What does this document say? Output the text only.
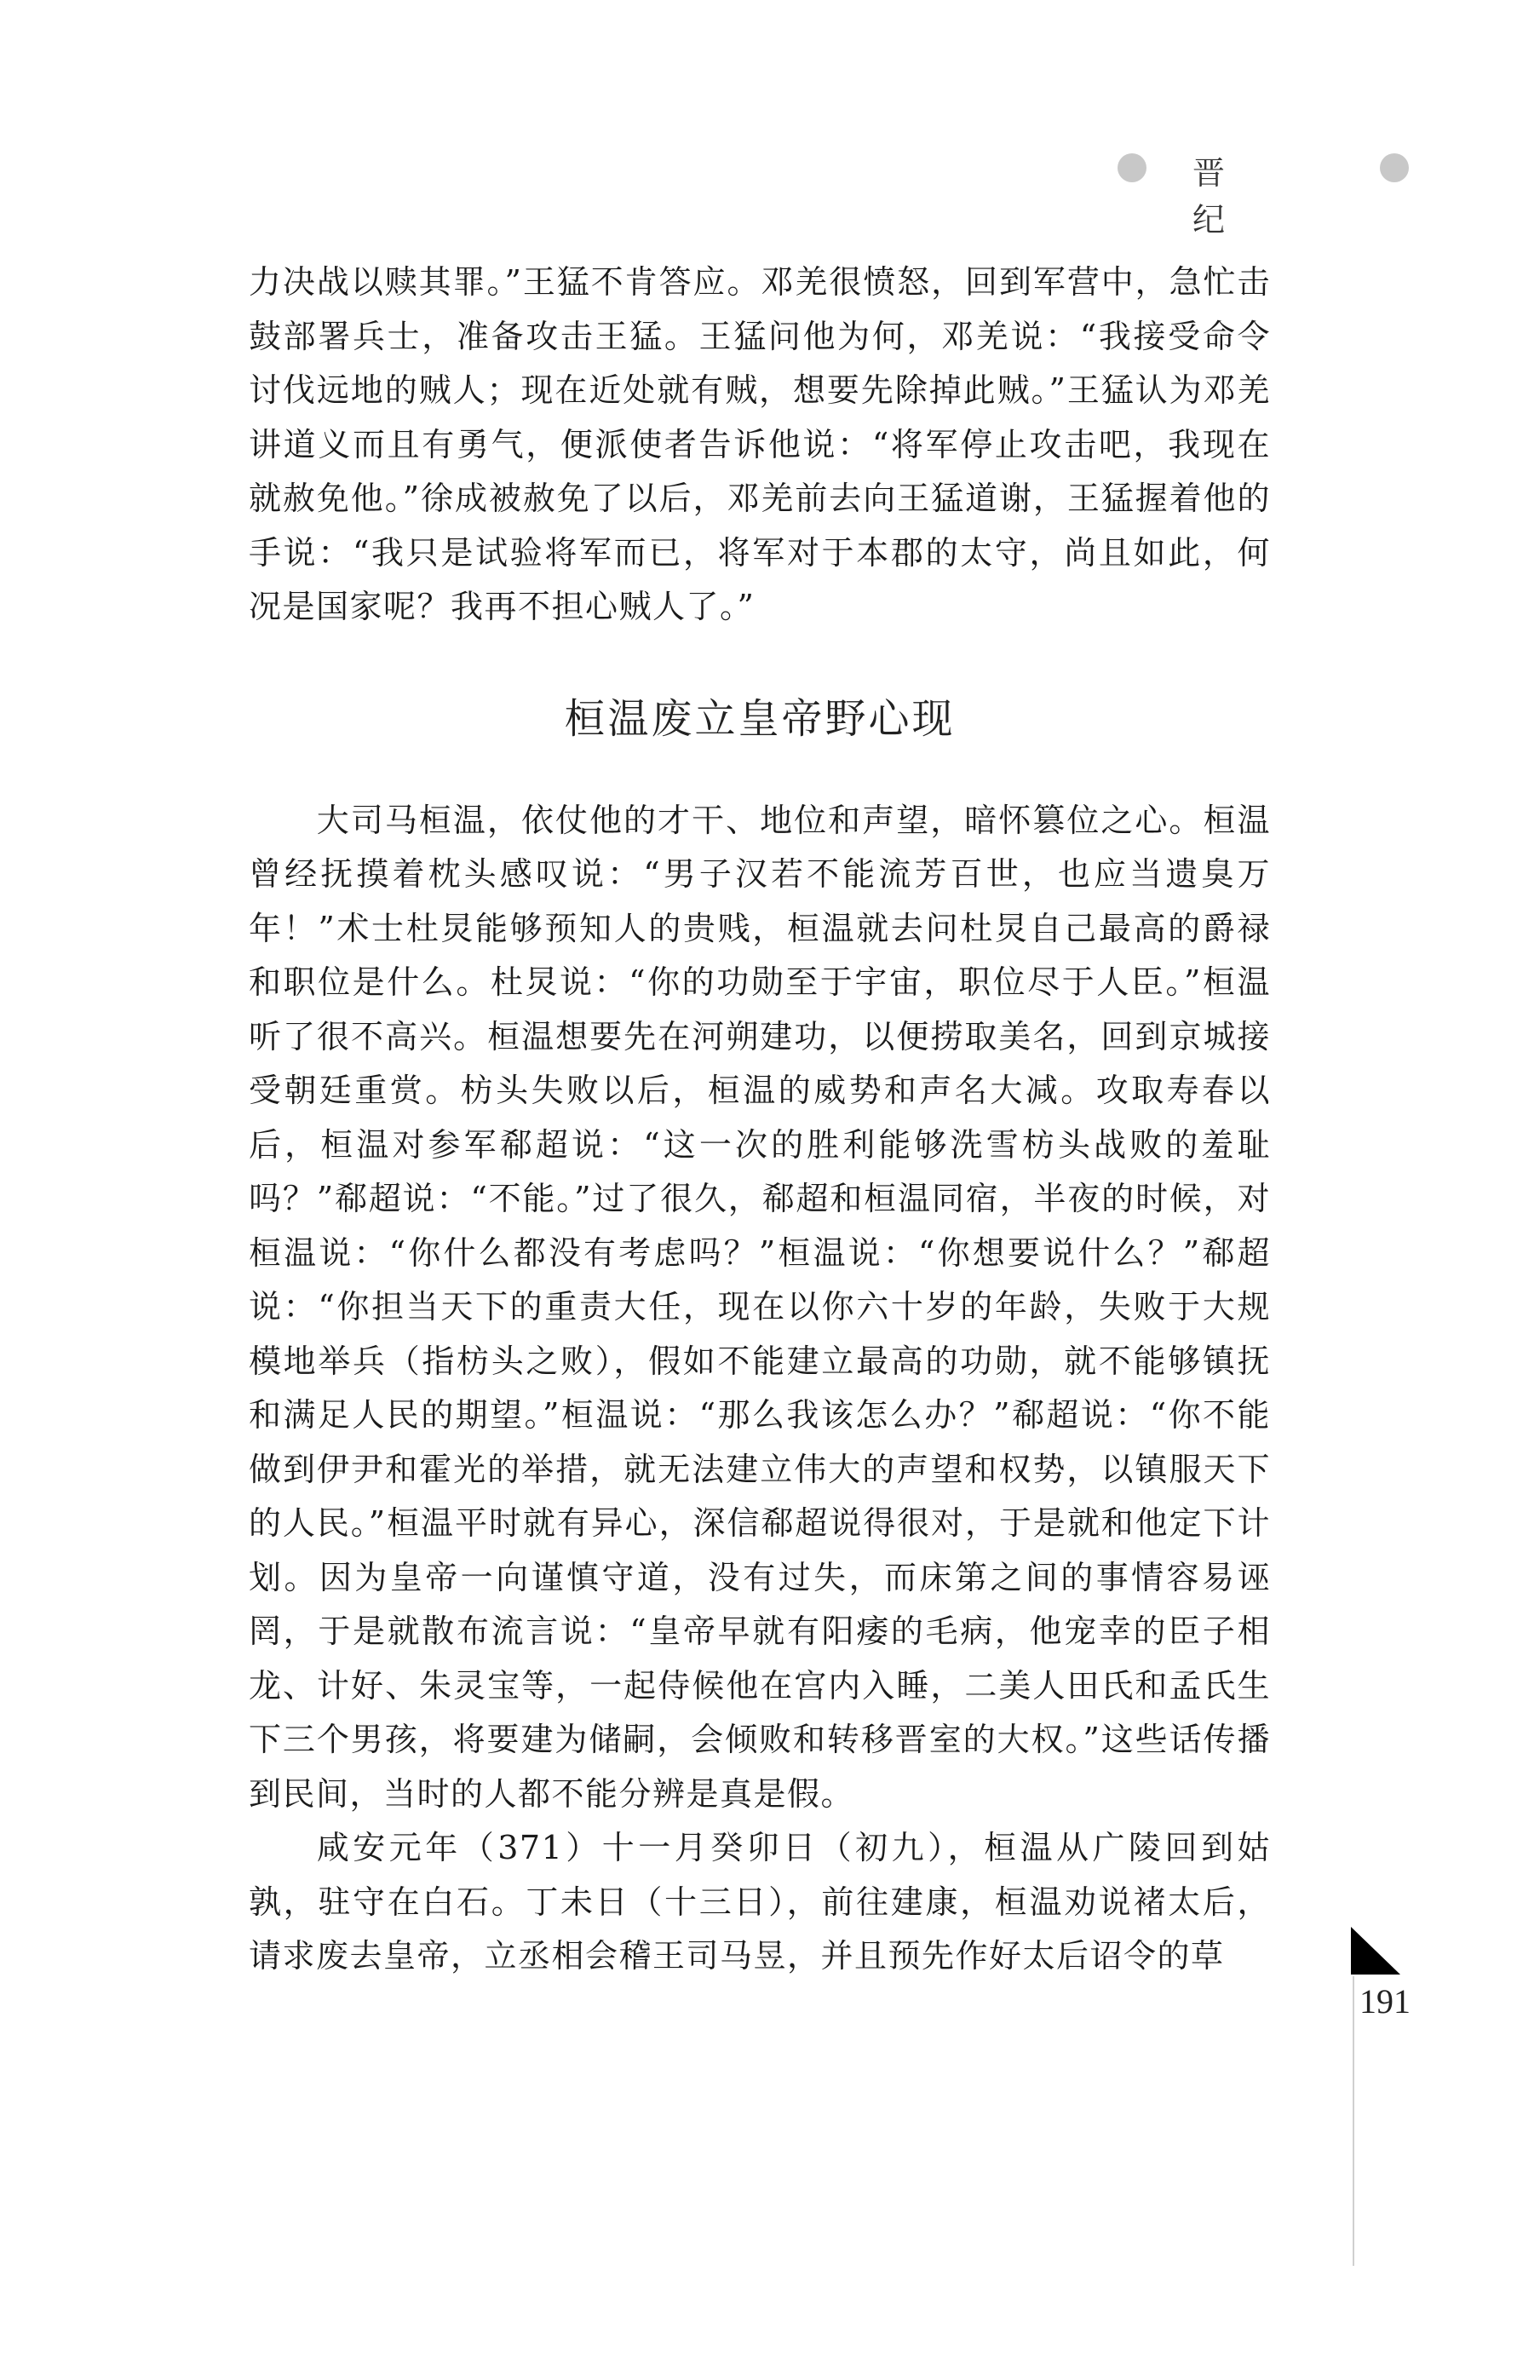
晋 纪

力决战以赎其罪。”王猛不肯答应。邓羌很愤怒，回到军营中，急忙击鼓部署兵士，准备攻击王猛。王猛问他为何，邓羌说：“我接受命令讨伐远地的贼人；现在近处就有贼，想要先除掉此贼。”王猛认为邓羌讲道义而且有勇气，便派使者告诉他说：“将军停止攻击吧，我现在就赦免他。”徐成被赦免了以后，邓羌前去向王猛道谢，王猛握着他的手说：“我只是试验将军而已，将军对于本郡的太守，尚且如此，何况是国家呢？我再不担心贼人了。”

桓温废立皇帝野心现

大司马桓温，依仗他的才干、地位和声望，暗怀篡位之心。桓温曾经抚摸着枕头感叹说：“男子汉若不能流芳百世，也应当遗臭万年！”术士杜炅能够预知人的贵贱，桓温就去问杜炅自己最高的爵禄和职位是什么。杜炅说：“你的功勋至于宇宙，职位尽于人臣。”桓温听了很不高兴。桓温想要先在河朔建功，以便捞取美名，回到京城接受朝廷重赏。枋头失败以后，桓温的威势和声名大减。攻取寿春以后，桓温对参军郗超说：“这一次的胜利能够洗雪枋头战败的羞耻吗？”郗超说：“不能。”过了很久，郗超和桓温同宿，半夜的时候，对桓温说：“你什么都没有考虑吗？”桓温说：“你想要说什么？”郗超说：“你担当天下的重责大任，现在以你六十岁的年龄，失败于大规模地举兵（指枋头之败），假如不能建立最高的功勋，就不能够镇抚和满足人民的期望。”桓温说：“那么我该怎么办？”郗超说：“你不能做到伊尹和霍光的举措，就无法建立伟大的声望和权势，以镇服天下的人民。”桓温平时就有异心，深信郗超说得很对，于是就和他定下计划。因为皇帝一向谨慎守道，没有过失，而床第之间的事情容易诬罔，于是就散布流言说：“皇帝早就有阳痿的毛病，他宠幸的臣子相龙、计好、朱灵宝等，一起侍候他在宫内入睡，二美人田氏和孟氏生下三个男孩，将要建为储嗣，会倾败和转移晋室的大权。”这些话传播到民间，当时的人都不能分辨是真是假。

咸安元年（371）十一月癸卯日（初九），桓温从广陵回到姑孰，驻守在白石。丁未日（十三日），前往建康，桓温劝说褚太后，请求废去皇帝，立丞相会稽王司马昱，并且预先作好太后诏令的草

191
